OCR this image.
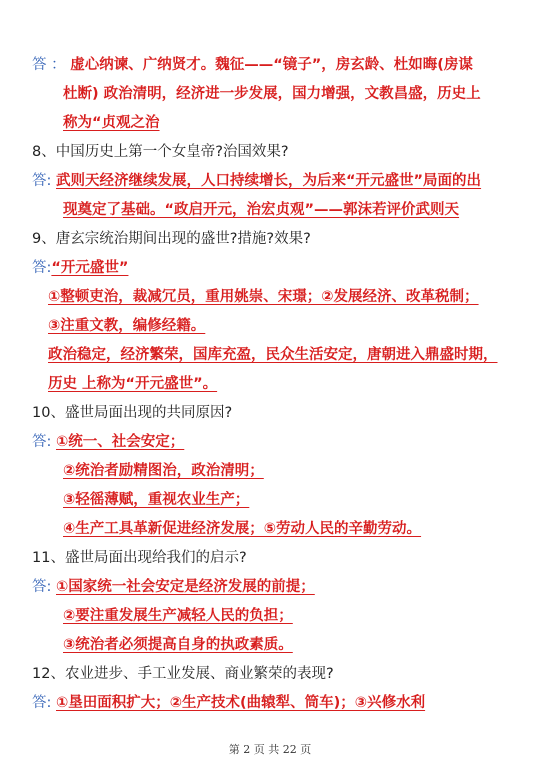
答 ： 虚心纳谏、广纳贤才。魏征——“镜子”，房玄龄、杜如晦(房谋
杜断) 政治清明，经济进一步发展，国力增强，文教昌盛，历史上
称为“贞观之治
8、中国历史上第一个女皇帝?治国效果?
答: 武则天经济继续发展，人口持续增长，为后来“开元盛世”局面的出
现奠定了基础。“政启开元，治宏贞观”——郭沫若评价武则天
9、唐玄宗统治期间出现的盛世?措施?效果?
答:“开元盛世”
①整顿吏治，裁减冗员，重用姚崇、宋璟；②发展经济、改革税制；
③注重文教，编修经籍。
政治稳定，经济繁荣，国库充盈，民众生活安定，唐朝进入鼎盛时期，
历史 上称为“开元盛世”。
10、盛世局面出现的共同原因?
答: ①统一、社会安定；
②统治者励精图治，政治清明；
③轻徭薄赋，重视农业生产；
④生产工具革新促进经济发展；⑤劳动人民的辛勤劳动。
11、盛世局面出现给我们的启示?
答: ①国家统一社会安定是经济发展的前提；
②要注重发展生产减轻人民的负担；
③统治者必须提高自身的执政素质。
12、农业进步、手工业发展、商业繁荣的表现?
答: ①垦田面积扩大；②生产技术(曲辕犁、筒车)；③兴修水利
第 2 页 共 22 页
